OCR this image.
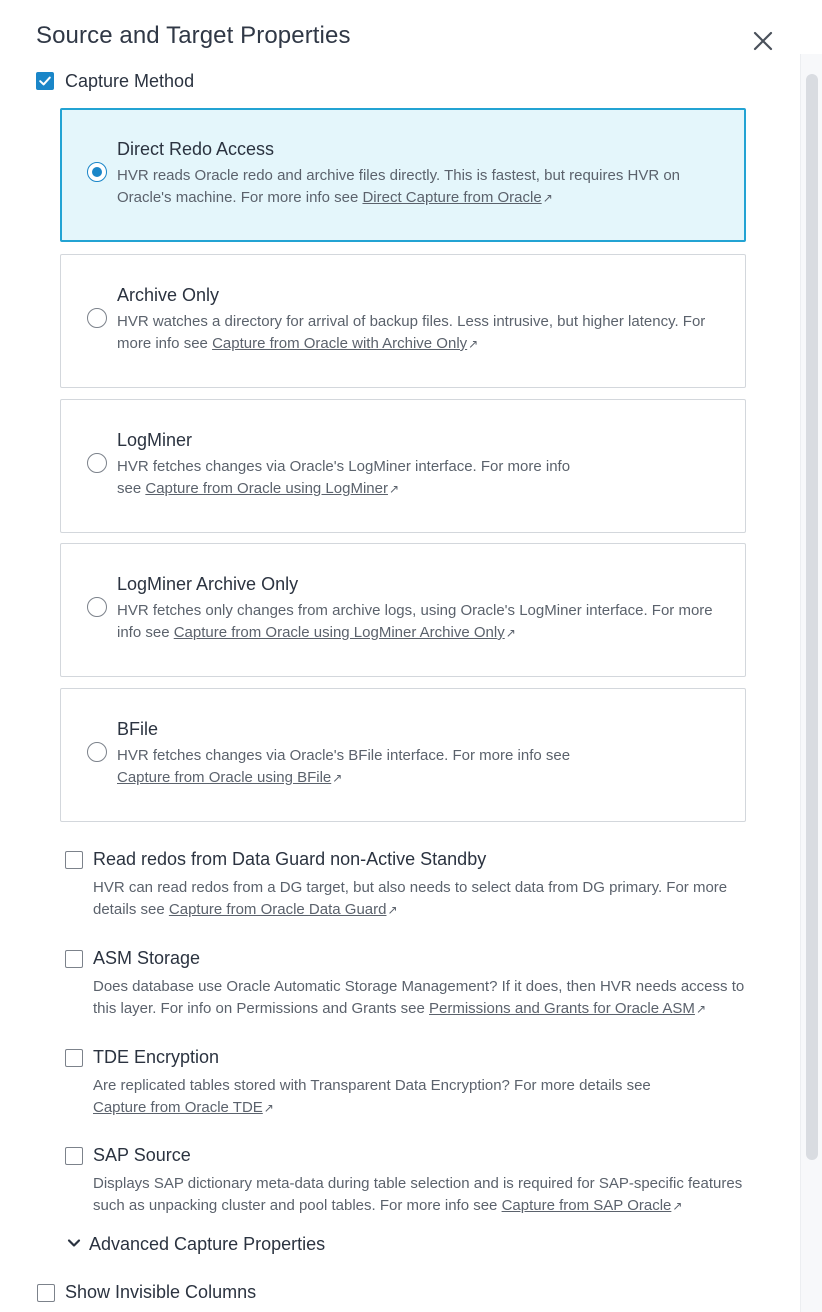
Source and Target Properties
Capture Method
Direct Redo Access
HVR reads Oracle redo and archive files directly. This is fastest, but requires HVR on Oracle's machine. For more info see Direct Capture from Oracle↗
Archive Only
HVR watches a directory for arrival of backup files. Less intrusive, but higher latency. For more info see Capture from Oracle with Archive Only↗
LogMiner
HVR fetches changes via Oracle's LogMiner interface. For more info see Capture from Oracle using LogMiner↗
LogMiner Archive Only
HVR fetches only changes from archive logs, using Oracle's LogMiner interface. For more info see Capture from Oracle using LogMiner Archive Only↗
BFile
HVR fetches changes via Oracle's BFile interface. For more info see Capture from Oracle using BFile↗
Read redos from Data Guard non-Active Standby
HVR can read redos from a DG target, but also needs to select data from DG primary. For more details see Capture from Oracle Data Guard↗
ASM Storage
Does database use Oracle Automatic Storage Management? If it does, then HVR needs access to this layer. For info on Permissions and Grants see Permissions and Grants for Oracle ASM↗
TDE Encryption
Are replicated tables stored with Transparent Data Encryption? For more details see Capture from Oracle TDE↗
SAP Source
Displays SAP dictionary meta-data during table selection and is required for SAP-specific features such as unpacking cluster and pool tables. For more info see Capture from SAP Oracle↗
Advanced Capture Properties
Show Invisible Columns
